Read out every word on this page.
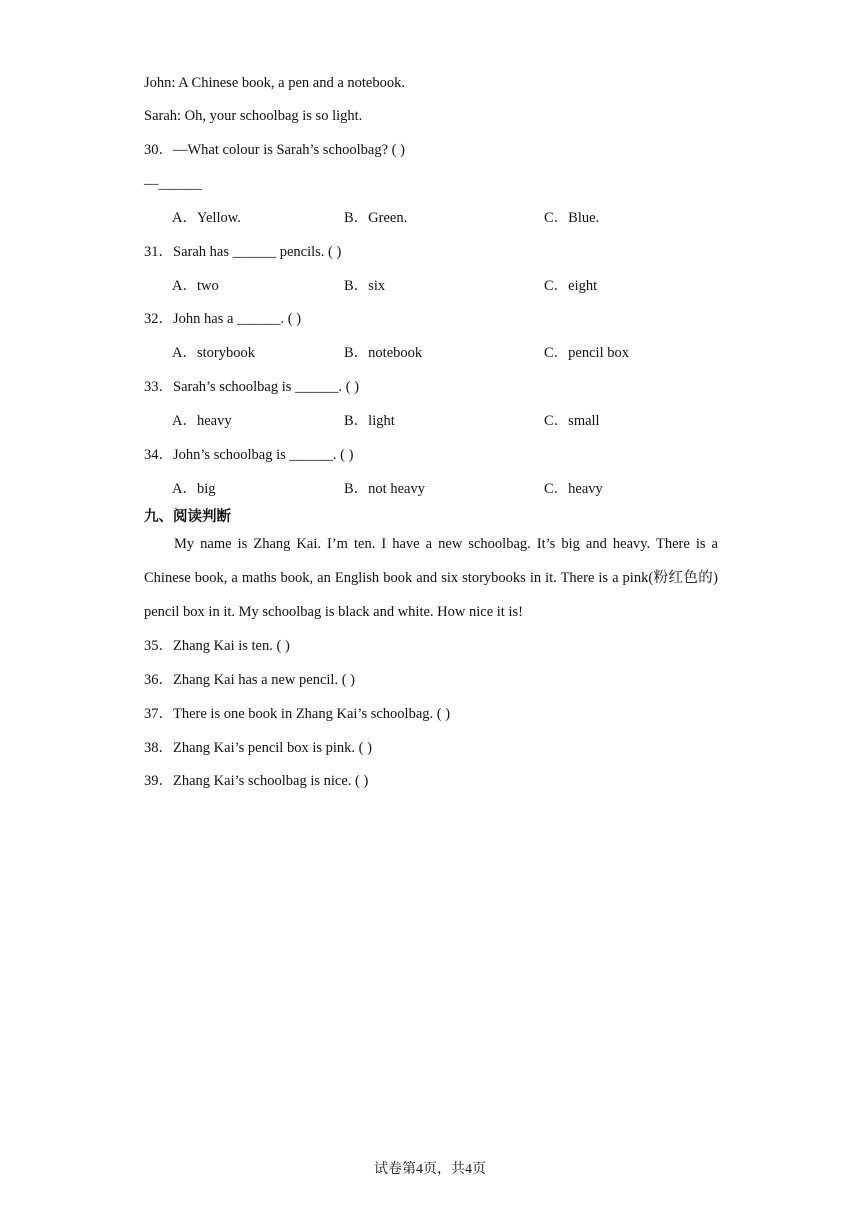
John: A Chinese book, a pen and a notebook.
Sarah: Oh, your schoolbag is so light.
30．—What colour is Sarah’s schoolbag? ( )
—______
A．Yellow.	B．Green.	C．Blue.
31．Sarah has ______ pencils. ( )
A．two	B．six	C．eight
32．John has a ______. ( )
A．storybook	B．notebook	C．pencil box
33．Sarah’s schoolbag is ______. ( )
A．heavy	B．light	C．small
34．John’s schoolbag is ______. ( )
A．big	B．not heavy	C．heavy
九、阅读判断
My name is Zhang Kai. I’m ten. I have a new schoolbag. It’s big and heavy. There is a Chinese book, a maths book, an English book and six storybooks in it. There is a pink(粉红色的) pencil box in it. My schoolbag is black and white. How nice it is!
35．Zhang Kai is ten. ( )
36．Zhang Kai has a new pencil. ( )
37．There is one book in Zhang Kai’s schoolbag. ( )
38．Zhang Kai’s pencil box is pink. ( )
39．Zhang Kai’s schoolbag is nice. ( )
试卷第4页，共4页
